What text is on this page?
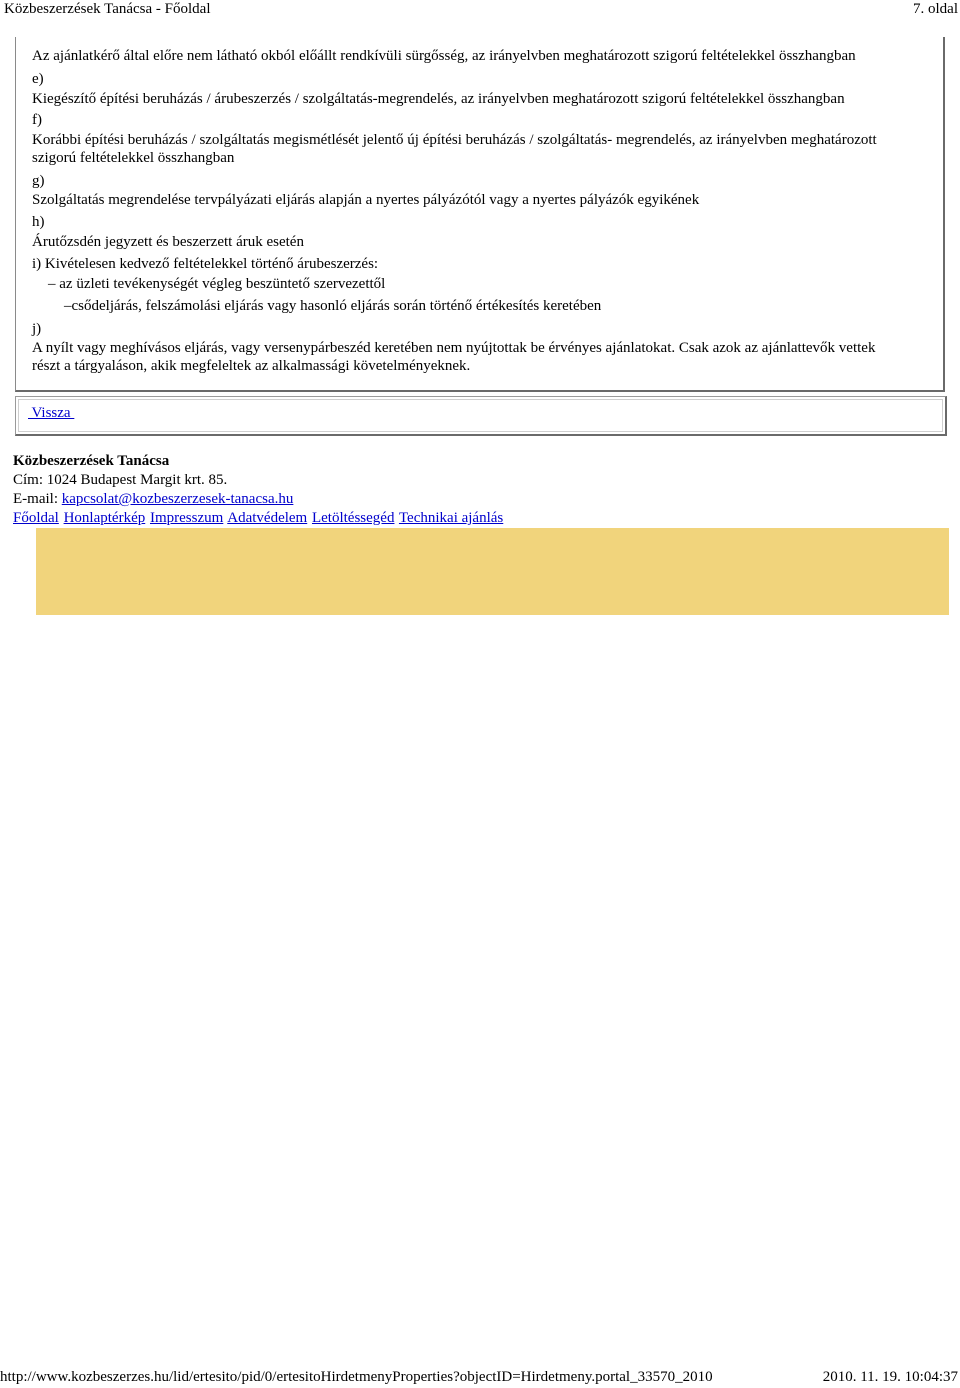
Közbeszerzések Tanácsa - Főoldal	7. oldal
Az ajánlatkérő által előre nem látható okból előállt rendkívüli sürgősség, az irányelvben meghatározott szigorú feltételekkel összhangban
e)
Kiegészítő építési beruházás / árubeszerzés / szolgáltatás-megrendelés, az irányelvben meghatározott szigorú feltételekkel összhangban
f)
Korábbi építési beruházás / szolgáltatás megismétlését jelentő új építési beruházás / szolgáltatás- megrendelés, az irányelvben meghatározott
szigorú feltételekkel összhangban
g)
Szolgáltatás megrendelése tervpályázati eljárás alapján a nyertes pályázótól vagy a nyertes pályázók egyikének
h)
Árutőzsdén jegyzett és beszerzett áruk esetén
i) Kivételesen kedvező feltételekkel történő árubeszerzés:
– az üzleti tevékenységét végleg beszüntető szervezettől
–csődeljárás, felszámolási eljárás vagy hasonló eljárás során történő értékesítés keretében
j)
A nyílt vagy meghívásos eljárás, vagy versenypárbeszéd keretében nem nyújtottak be érvényes ajánlatokat. Csak azok az ajánlattevők vettek
részt a tárgyaláson, akik megfeleltek az alkalmassági követelményeknek.
Vissza
Közbeszerzések Tanácsa
Cím: 1024 Budapest Margit krt. 85.
E-mail: kapcsolat@kozbeszerzesek-tanacsa.hu
Főoldal Honlaptérkép Impresszum Adatvédelem Letöltéssegéd Technikai ajánlás
http://www.kozbeszerzes.hu/lid/ertesito/pid/0/ertesitoHirdetmenyProperties?objectID=Hirdetmeny.portal_33570_2010	2010. 11. 19. 10:04:37
